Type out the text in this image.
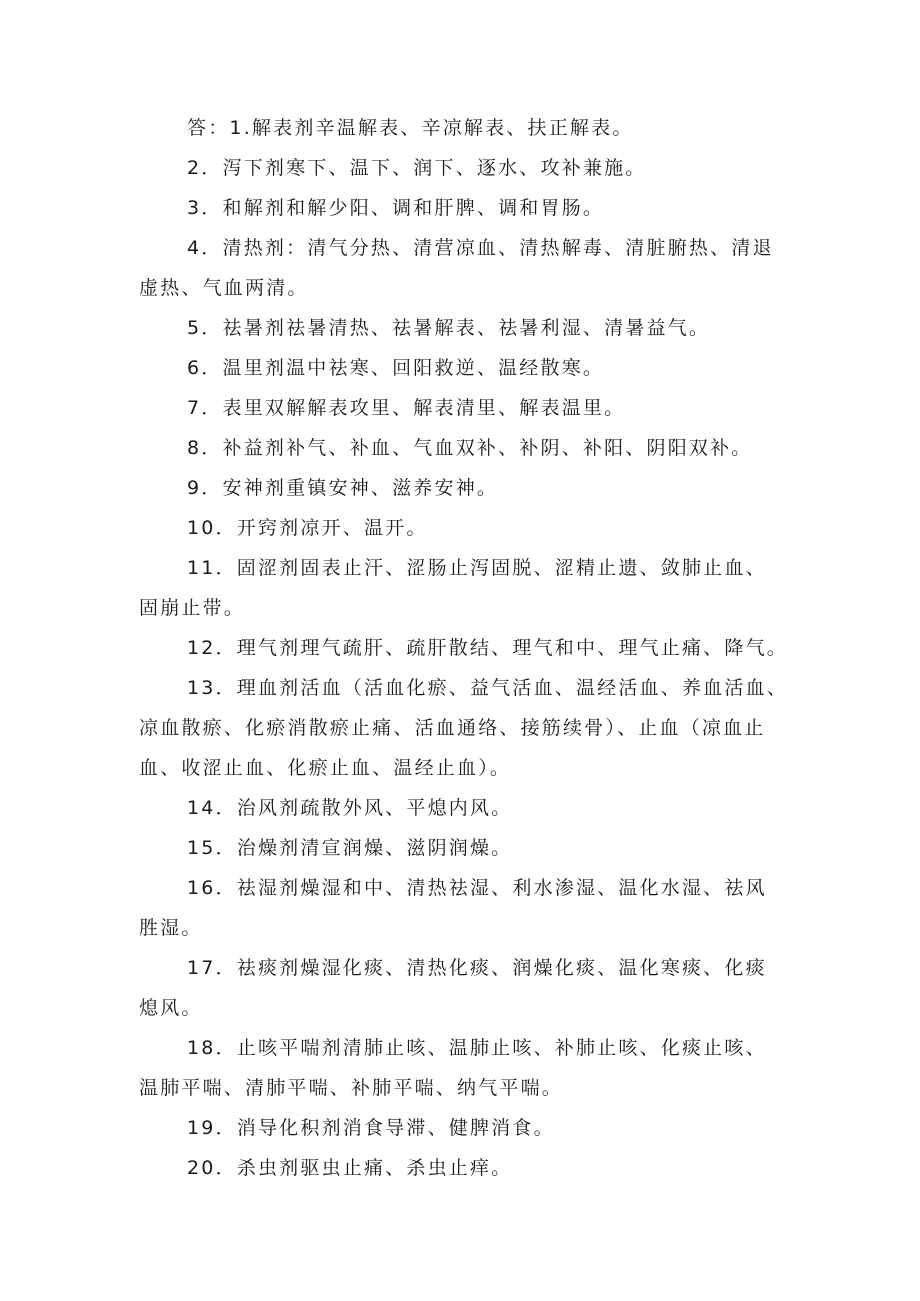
答：1.解表剂辛温解表、辛凉解表、扶正解表。

2．泻下剂寒下、温下、润下、逐水、攻补兼施。

3．和解剂和解少阳、调和肝脾、调和胃肠。

4．清热剂：清气分热、清营凉血、清热解毒、清脏腑热、清退
虚热、气血两清。

5．祛暑剂祛暑清热、祛暑解表、祛暑利湿、清暑益气。

6．温里剂温中祛寒、回阳救逆、温经散寒。

7．表里双解解表攻里、解表清里、解表温里。

8．补益剂补气、补血、气血双补、补阴、补阳、阴阳双补。

9．安神剂重镇安神、滋养安神。

10．开窍剂凉开、温开。

11．固涩剂固表止汗、涩肠止泻固脱、涩精止遗、敛肺止血、
固崩止带。

12．理气剂理气疏肝、疏肝散结、理气和中、理气止痛、降气。

13．理血剂活血（活血化瘀、益气活血、温经活血、养血活血、
凉血散瘀、化瘀消散瘀止痛、活血通络、接筋续骨）、止血（凉血止
血、收涩止血、化瘀止血、温经止血）。

14．治风剂疏散外风、平熄内风。

15．治燥剂清宣润燥、滋阴润燥。

16．祛湿剂燥湿和中、清热祛湿、利水渗湿、温化水湿、祛风
胜湿。

17．祛痰剂燥湿化痰、清热化痰、润燥化痰、温化寒痰、化痰
熄风。

18．止咳平喘剂清肺止咳、温肺止咳、补肺止咳、化痰止咳、
温肺平喘、清肺平喘、补肺平喘、纳气平喘。

19．消导化积剂消食导滞、健脾消食。

20．杀虫剂驱虫止痛、杀虫止痒。
